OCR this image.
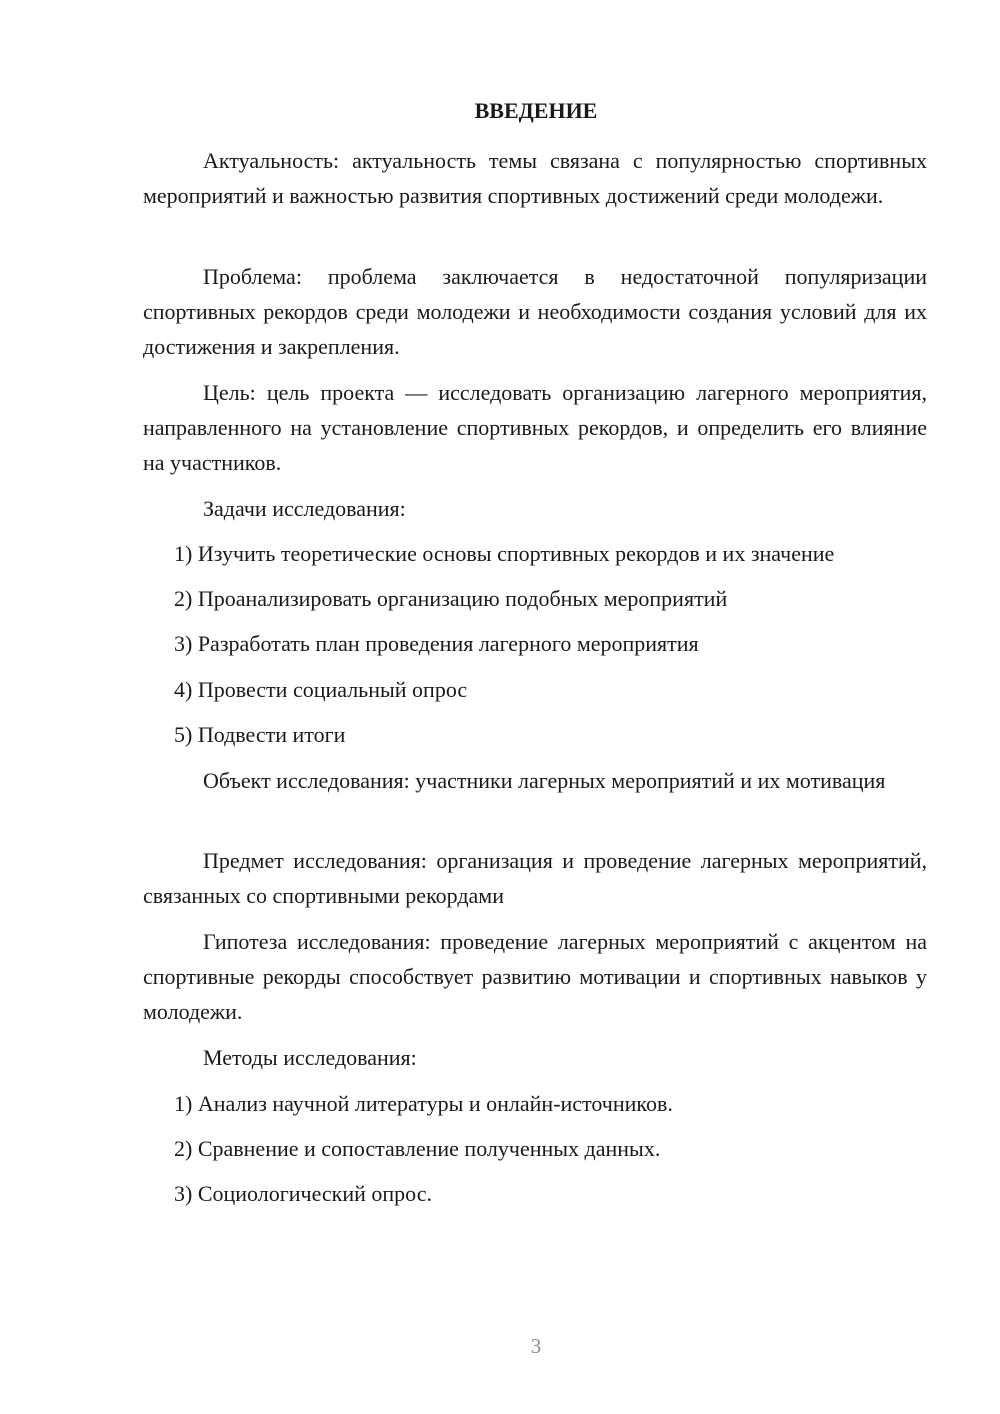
ВВЕДЕНИЕ

Актуальность: актуальность темы связана с популярностью спортивных мероприятий и важностью развития спортивных достижений среди молодежи.

Проблема: проблема заключается в недостаточной популяризации спортивных рекордов среди молодежи и необходимости создания условий для их достижения и закрепления.

Цель: цель проекта — исследовать организацию лагерного мероприятия, направленного на установление спортивных рекордов, и определить его влияние на участников.

Задачи исследования:

1) Изучить теоретические основы спортивных рекордов и их значение

2) Проанализировать организацию подобных мероприятий

3) Разработать план проведения лагерного мероприятия

4) Провести социальный опрос

5) Подвести итоги

Объект исследования: участники лагерных мероприятий и их мотивация

Предмет исследования: организация и проведение лагерных мероприятий, связанных со спортивными рекордами

Гипотеза исследования: проведение лагерных мероприятий с акцентом на спортивные рекорды способствует развитию мотивации и спортивных навыков у молодежи.

Методы исследования:

1) Анализ научной литературы и онлайн-источников.

2) Сравнение и сопоставление полученных данных.

3) Социологический опрос.

3
